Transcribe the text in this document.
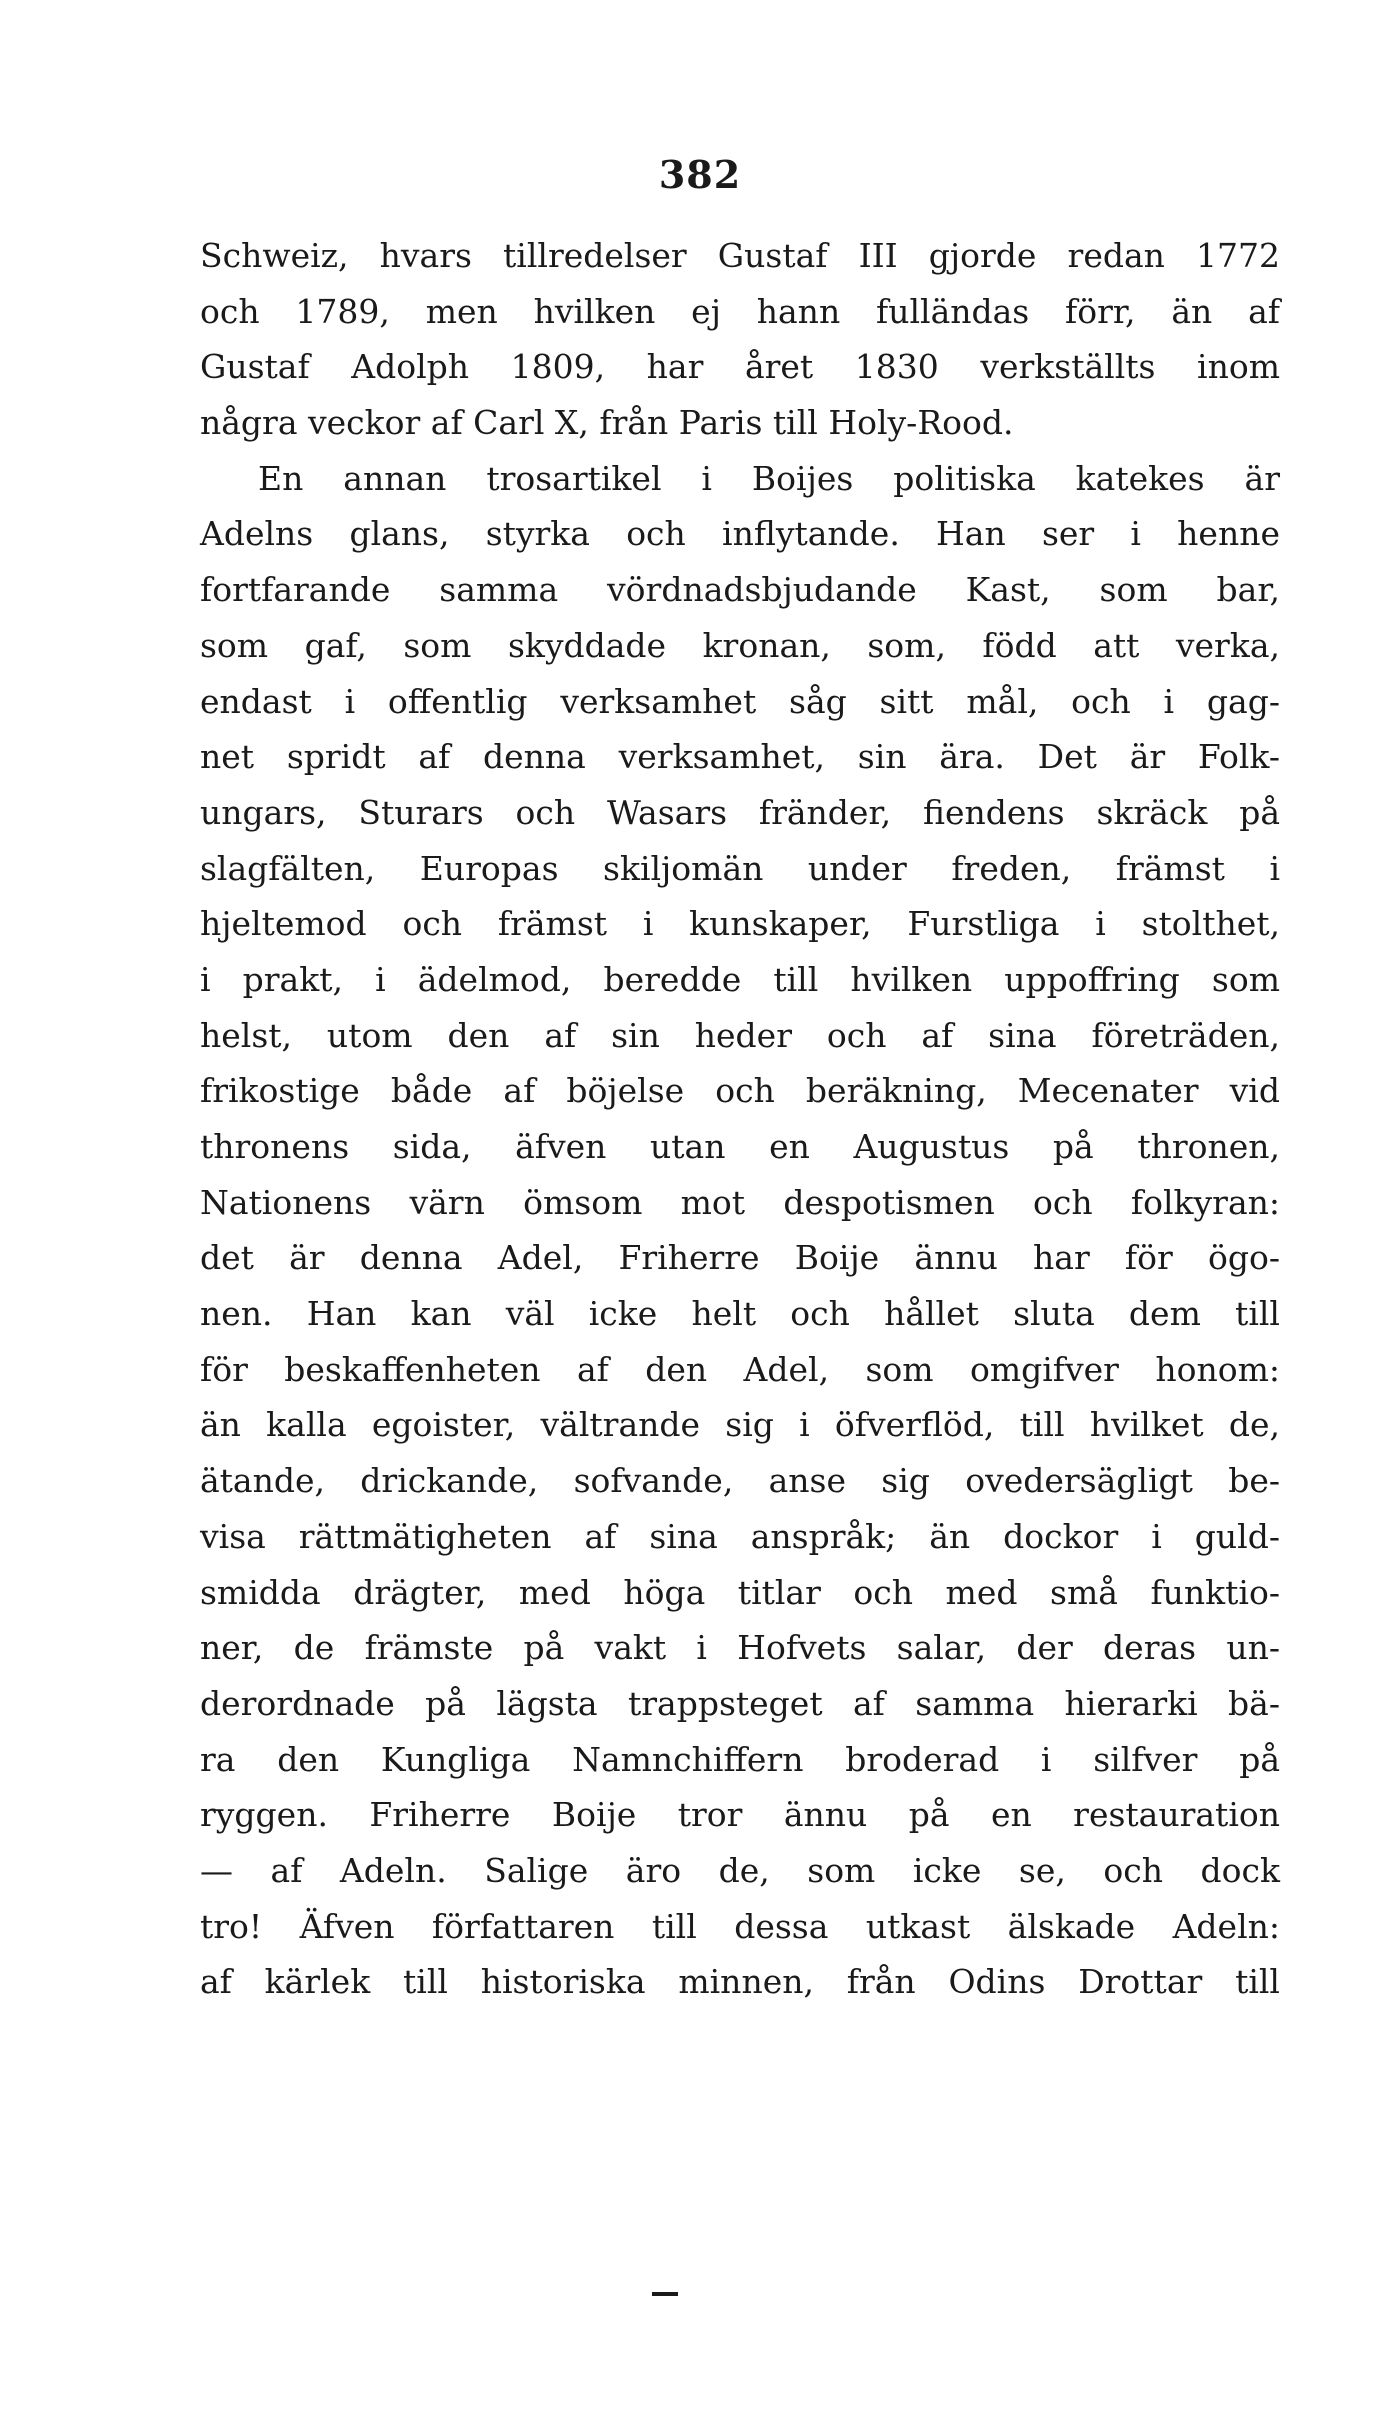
382
Schweiz, hvars tillredelser Gustaf III gjorde redan 1772
och 1789, men hvilken ej hann fulländas förr, än af
Gustaf Adolph 1809, har året 1830 verkställts inom
några veckor af Carl X, från Paris till Holy-Rood.
En annan trosartikel i Boijes politiska katekes är
Adelns glans, styrka och inflytande. Han ser i henne
fortfarande samma vördnadsbjudande Kast, som bar,
som gaf, som skyddade kronan, som, född att verka,
endast i offentlig verksamhet såg sitt mål, och i gag-
net spridt af denna verksamhet, sin ära. Det är Folk-
ungars, Sturars och Wasars fränder, fiendens skräck på
slagfälten, Europas skiljomän under freden, främst i
hjeltemod och främst i kunskaper, Furstliga i stolthet,
i prakt, i ädelmod, beredde till hvilken uppoffring som
helst, utom den af sin heder och af sina företräden,
frikostige både af böjelse och beräkning, Mecenater vid
thronens sida, äfven utan en Augustus på thronen,
Nationens värn ömsom mot despotismen och folkyran:
det är denna Adel, Friherre Boije ännu har för ögo-
nen. Han kan väl icke helt och hållet sluta dem till
för beskaffenheten af den Adel, som omgifver honom:
än kalla egoister, vältrande sig i öfverflöd, till hvilket de,
ätande, drickande, sofvande, anse sig ovedersägligt be-
visa rättmätigheten af sina anspråk; än dockor i guld-
smidda drägter, med höga titlar och med små funktio-
ner, de främste på vakt i Hofvets salar, der deras un-
derordnade på lägsta trappsteget af samma hierarki bä-
ra den Kungliga Namnchiffern broderad i silfver på
ryggen. Friherre Boije tror ännu på en restauration
— af Adeln. Salige äro de, som icke se, och dock
tro! Äfven författaren till dessa utkast älskade Adeln:
af kärlek till historiska minnen, från Odins Drottar till
